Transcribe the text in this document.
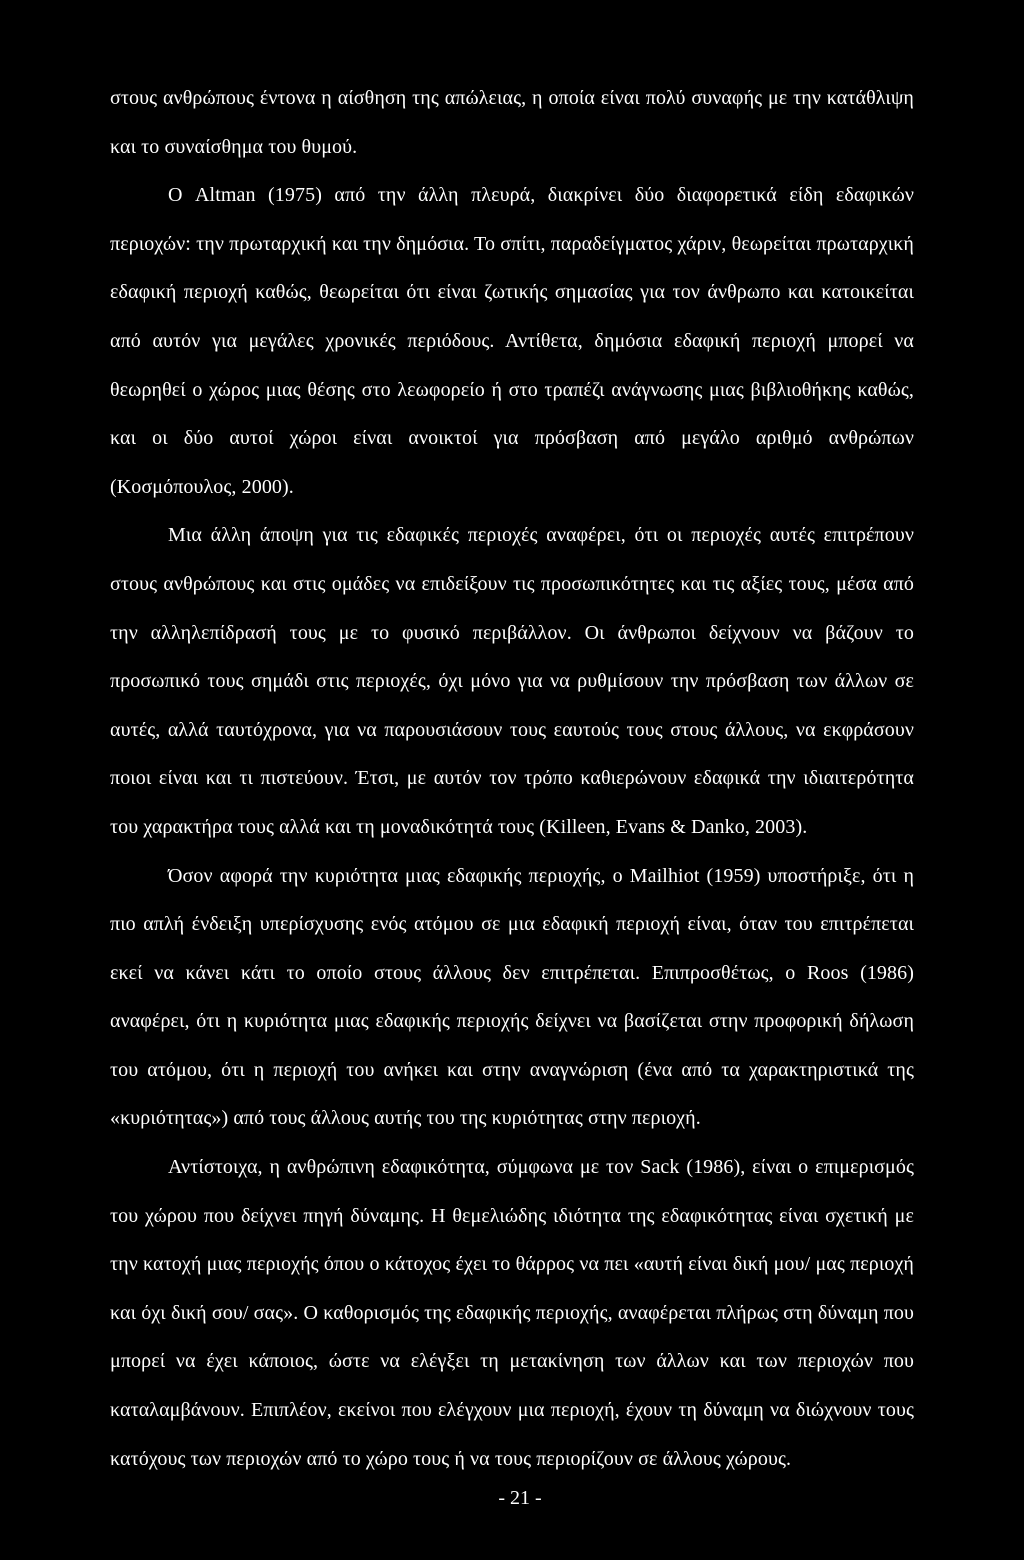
στους ανθρώπους έντονα η αίσθηση της απώλειας, η οποία είναι πολύ συναφής με την κατάθλιψη και το συναίσθημα του θυμού.

Ο Altman (1975) από την άλλη πλευρά, διακρίνει δύο διαφορετικά είδη εδαφικών περιοχών: την πρωταρχική και την δημόσια. Το σπίτι, παραδείγματος χάριν, θεωρείται πρωταρχική εδαφική περιοχή καθώς, θεωρείται ότι είναι ζωτικής σημασίας για τον άνθρωπο και κατοικείται από αυτόν για μεγάλες χρονικές περιόδους. Αντίθετα, δημόσια εδαφική περιοχή μπορεί να θεωρηθεί ο χώρος μιας θέσης στο λεωφορείο ή στο τραπέζι ανάγνωσης μιας βιβλιοθήκης καθώς, και οι δύο αυτοί χώροι είναι ανοικτοί για πρόσβαση από μεγάλο αριθμό ανθρώπων (Κοσμόπουλος, 2000).

Μια άλλη άποψη για τις εδαφικές περιοχές αναφέρει, ότι οι περιοχές αυτές επιτρέπουν στους ανθρώπους και στις ομάδες να επιδείξουν τις προσωπικότητες και τις αξίες τους, μέσα από την αλληλεπίδρασή τους με το φυσικό περιβάλλον. Οι άνθρωποι δείχνουν να βάζουν το προσωπικό τους σημάδι στις περιοχές, όχι μόνο για να ρυθμίσουν την πρόσβαση των άλλων σε αυτές, αλλά ταυτόχρονα, για να παρουσιάσουν τους εαυτούς τους στους άλλους, να εκφράσουν ποιοι είναι και τι πιστεύουν. Έτσι, με αυτόν τον τρόπο καθιερώνουν εδαφικά την ιδιαιτερότητα του χαρακτήρα τους αλλά και τη μοναδικότητά τους (Killeen, Evans & Danko, 2003).

Όσον αφορά την κυριότητα μιας εδαφικής περιοχής, ο Mailhiot (1959) υποστήριξε, ότι η πιο απλή ένδειξη υπερίσχυσης ενός ατόμου σε μια εδαφική περιοχή είναι, όταν του επιτρέπεται εκεί να κάνει κάτι το οποίο στους άλλους δεν επιτρέπεται. Επιπροσθέτως, ο Roos (1986) αναφέρει, ότι η κυριότητα μιας εδαφικής περιοχής δείχνει να βασίζεται στην προφορική δήλωση του ατόμου, ότι η περιοχή του ανήκει και στην αναγνώριση (ένα από τα χαρακτηριστικά της «κυριότητας») από τους άλλους αυτής του της κυριότητας στην περιοχή.

Αντίστοιχα, η ανθρώπινη εδαφικότητα, σύμφωνα με τον Sack (1986), είναι ο επιμερισμός του χώρου που δείχνει πηγή δύναμης. Η θεμελιώδης ιδιότητα της εδαφικότητας είναι σχετική με την κατοχή μιας περιοχής όπου ο κάτοχος έχει το θάρρος να πει «αυτή είναι δική μου/ μας περιοχή και όχι δική σου/ σας». Ο καθορισμός της εδαφικής περιοχής, αναφέρεται πλήρως στη δύναμη που μπορεί να έχει κάποιος, ώστε να ελέγξει τη μετακίνηση των άλλων και των περιοχών που καταλαμβάνουν. Επιπλέον, εκείνοι που ελέγχουν μια περιοχή, έχουν τη δύναμη να διώχνουν τους κατόχους των περιοχών από το χώρο τους ή να τους περιορίζουν σε άλλους χώρους.

- 21 -
